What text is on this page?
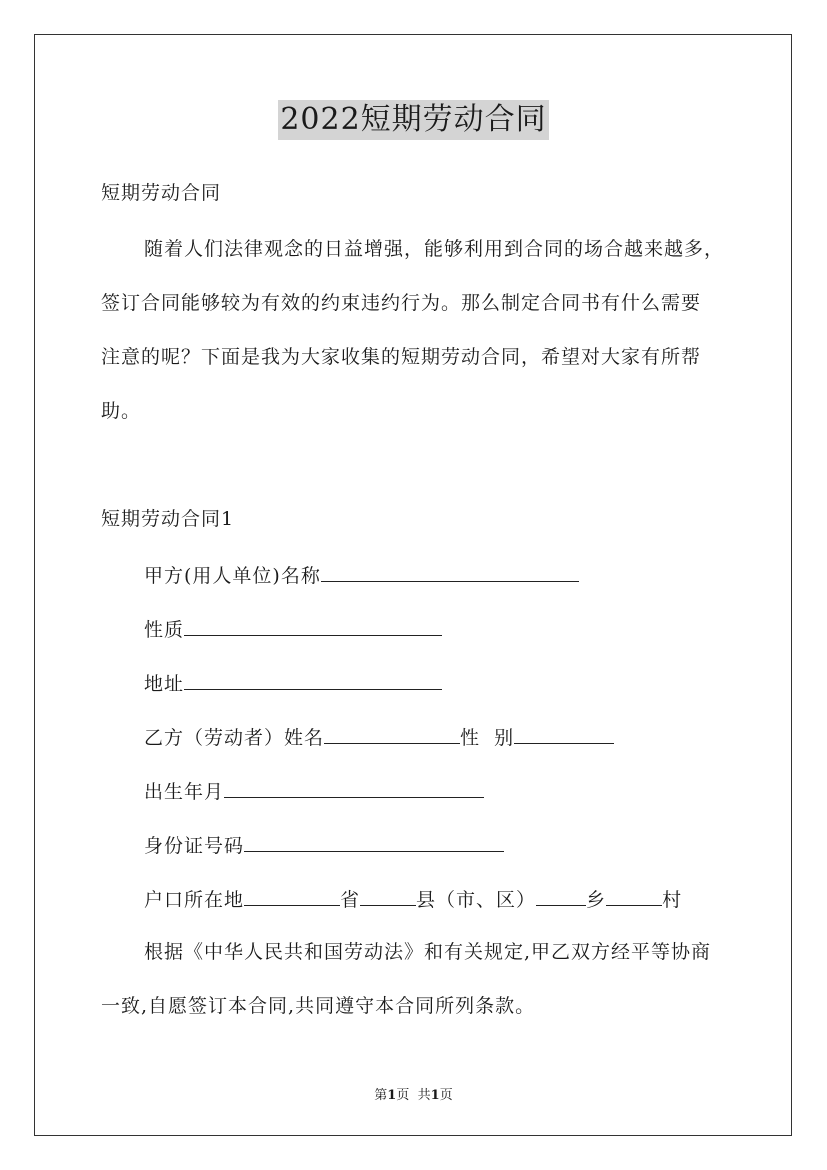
2022短期劳动合同
短期劳动合同
随着人们法律观念的日益增强，能够利用到合同的场合越来越多，
签订合同能够较为有效的约束违约行为。那么制定合同书有什么需要
注意的呢？下面是我为大家收集的短期劳动合同，希望对大家有所帮
助。
短期劳动合同1
甲方(用人单位)名称
性质
地址
乙方（劳动者）姓名	性  别
出生年月
身份证号码
户口所在地	省	县（市、区）	乡	村
根据《中华人民共和国劳动法》和有关规定,甲乙双方经平等协商
一致,自愿签订本合同,共同遵守本合同所列条款。
第1页 共1页
